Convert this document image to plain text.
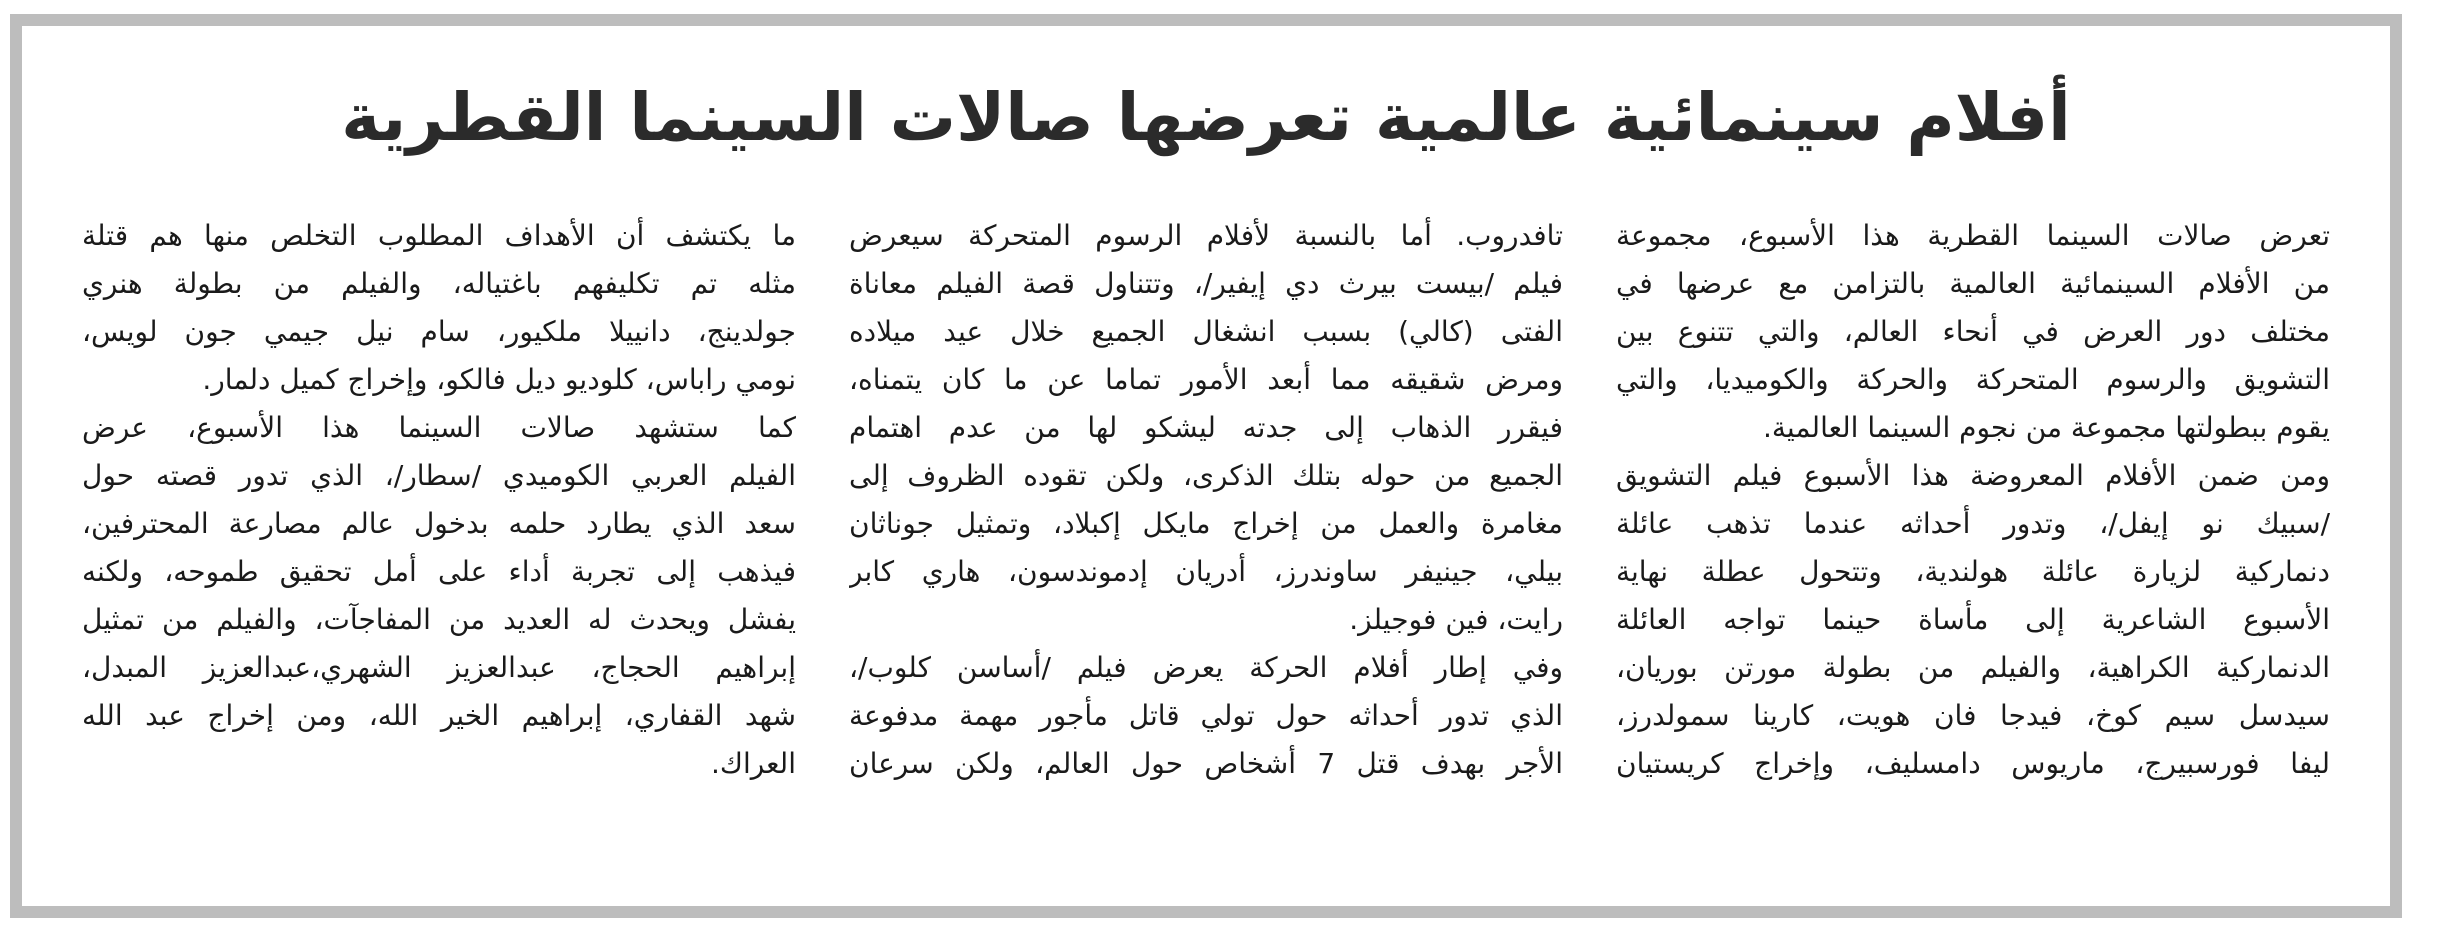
أفلام سينمائية عالمية تعرضها صالات السينما القطرية
تعرض صالات السينما القطرية هذا الأسبوع، مجموعة
من الأفلام السينمائية العالمية بالتزامن مع عرضها في
مختلف دور العرض في أنحاء العالم، والتي تتنوع بين
التشويق والرسوم المتحركة والحركة والكوميديا، والتي
يقوم ببطولتها مجموعة من نجوم السينما العالمية.
ومن ضمن الأفلام المعروضة هذا الأسبوع فيلم التشويق
/سبيك نو إيفل/، وتدور أحداثه عندما تذهب عائلة
دنماركية لزيارة عائلة هولندية، وتتحول عطلة نهاية
الأسبوع الشاعرية إلى مأساة حينما تواجه العائلة
الدنماركية الكراهية، والفيلم من بطولة مورتن بوريان،
سيدسل سيم كوخ، فيدجا فان هويت، كارينا سمولدرز،
ليفا فورسبيرج، ماريوس دامسليف، وإخراج كريستيان
تافدروب. أما بالنسبة لأفلام الرسوم المتحركة سيعرض
فيلم /بيست بيرث دي إيفير/، وتتناول قصة الفيلم معاناة
الفتى (كالي) بسبب انشغال الجميع خلال عيد ميلاده
ومرض شقيقه مما أبعد الأمور تماما عن ما كان يتمناه،
فيقرر الذهاب إلى جدته ليشكو لها من عدم اهتمام
الجميع من حوله بتلك الذكرى، ولكن تقوده الظروف إلى
مغامرة والعمل من إخراج مايكل إكبلاد، وتمثيل جوناثان
بيلي، جينيفر ساوندرز، أدريان إدموندسون، هاري كابر
رايت، فين فوجيلز.
وفي إطار أفلام الحركة يعرض فيلم /أساسن كلوب/،
الذي تدور أحداثه حول تولي قاتل مأجور مهمة مدفوعة
الأجر بهدف قتل 7 أشخاص حول العالم، ولكن سرعان
ما يكتشف أن الأهداف المطلوب التخلص منها هم قتلة
مثله تم تكليفهم باغتياله، والفيلم من بطولة هنري
جولدينج، دانييلا ملكيور، سام نيل جيمي جون لويس،
نومي راباس، كلوديو ديل فالكو، وإخراج كميل دلمار.
كما ستشهد صالات السينما هذا الأسبوع، عرض
الفيلم العربي الكوميدي /سطار/، الذي تدور قصته حول
سعد الذي يطارد حلمه بدخول عالم مصارعة المحترفين،
فيذهب إلى تجربة أداء على أمل تحقيق طموحه، ولكنه
يفشل ويحدث له العديد من المفاجآت، والفيلم من تمثيل
إبراهيم الحجاج، عبدالعزيز الشهري،عبدالعزيز المبدل،
شهد القفاري، إبراهيم الخير الله، ومن إخراج عبد الله
العراك.
